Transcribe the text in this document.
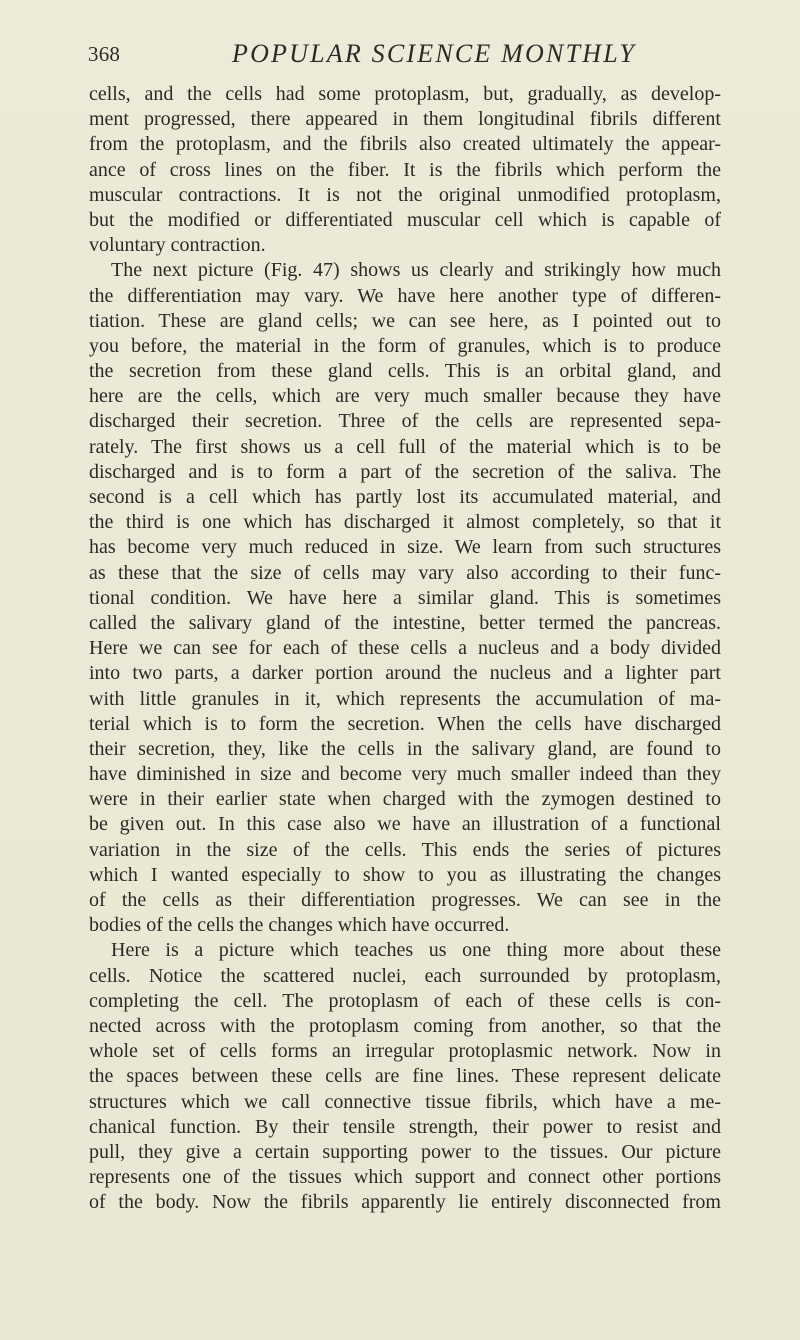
368	POPULAR SCIENCE MONTHLY
cells, and the cells had some protoplasm, but, gradually, as develop-
ment progressed, there appeared in them longitudinal fibrils different
from the protoplasm, and the fibrils also created ultimately the appear-
ance of cross lines on the fiber. It is the fibrils which perform the
muscular contractions. It is not the original unmodified protoplasm,
but the modified or differentiated muscular cell which is capable of
voluntary contraction.
The next picture (Fig. 47) shows us clearly and strikingly how much
the differentiation may vary. We have here another type of differen-
tiation. These are gland cells; we can see here, as I pointed out to
you before, the material in the form of granules, which is to produce
the secretion from these gland cells. This is an orbital gland, and
here are the cells, which are very much smaller because they have
discharged their secretion. Three of the cells are represented sepa-
rately. The first shows us a cell full of the material which is to be
discharged and is to form a part of the secretion of the saliva. The
second is a cell which has partly lost its accumulated material, and
the third is one which has discharged it almost completely, so that it
has become very much reduced in size. We learn from such structures
as these that the size of cells may vary also according to their func-
tional condition. We have here a similar gland. This is sometimes
called the salivary gland of the intestine, better termed the pancreas.
Here we can see for each of these cells a nucleus and a body divided
into two parts, a darker portion around the nucleus and a lighter part
with little granules in it, which represents the accumulation of ma-
terial which is to form the secretion. When the cells have discharged
their secretion, they, like the cells in the salivary gland, are found to
have diminished in size and become very much smaller indeed than they
were in their earlier state when charged with the zymogen destined to
be given out. In this case also we have an illustration of a functional
variation in the size of the cells. This ends the series of pictures
which I wanted especially to show to you as illustrating the changes
of the cells as their differentiation progresses. We can see in the
bodies of the cells the changes which have occurred.
Here is a picture which teaches us one thing more about these
cells. Notice the scattered nuclei, each surrounded by protoplasm,
completing the cell. The protoplasm of each of these cells is con-
nected across with the protoplasm coming from another, so that the
whole set of cells forms an irregular protoplasmic network. Now in
the spaces between these cells are fine lines. These represent delicate
structures which we call connective tissue fibrils, which have a me-
chanical function. By their tensile strength, their power to resist and
pull, they give a certain supporting power to the tissues. Our picture
represents one of the tissues which support and connect other portions
of the body. Now the fibrils apparently lie entirely disconnected from
